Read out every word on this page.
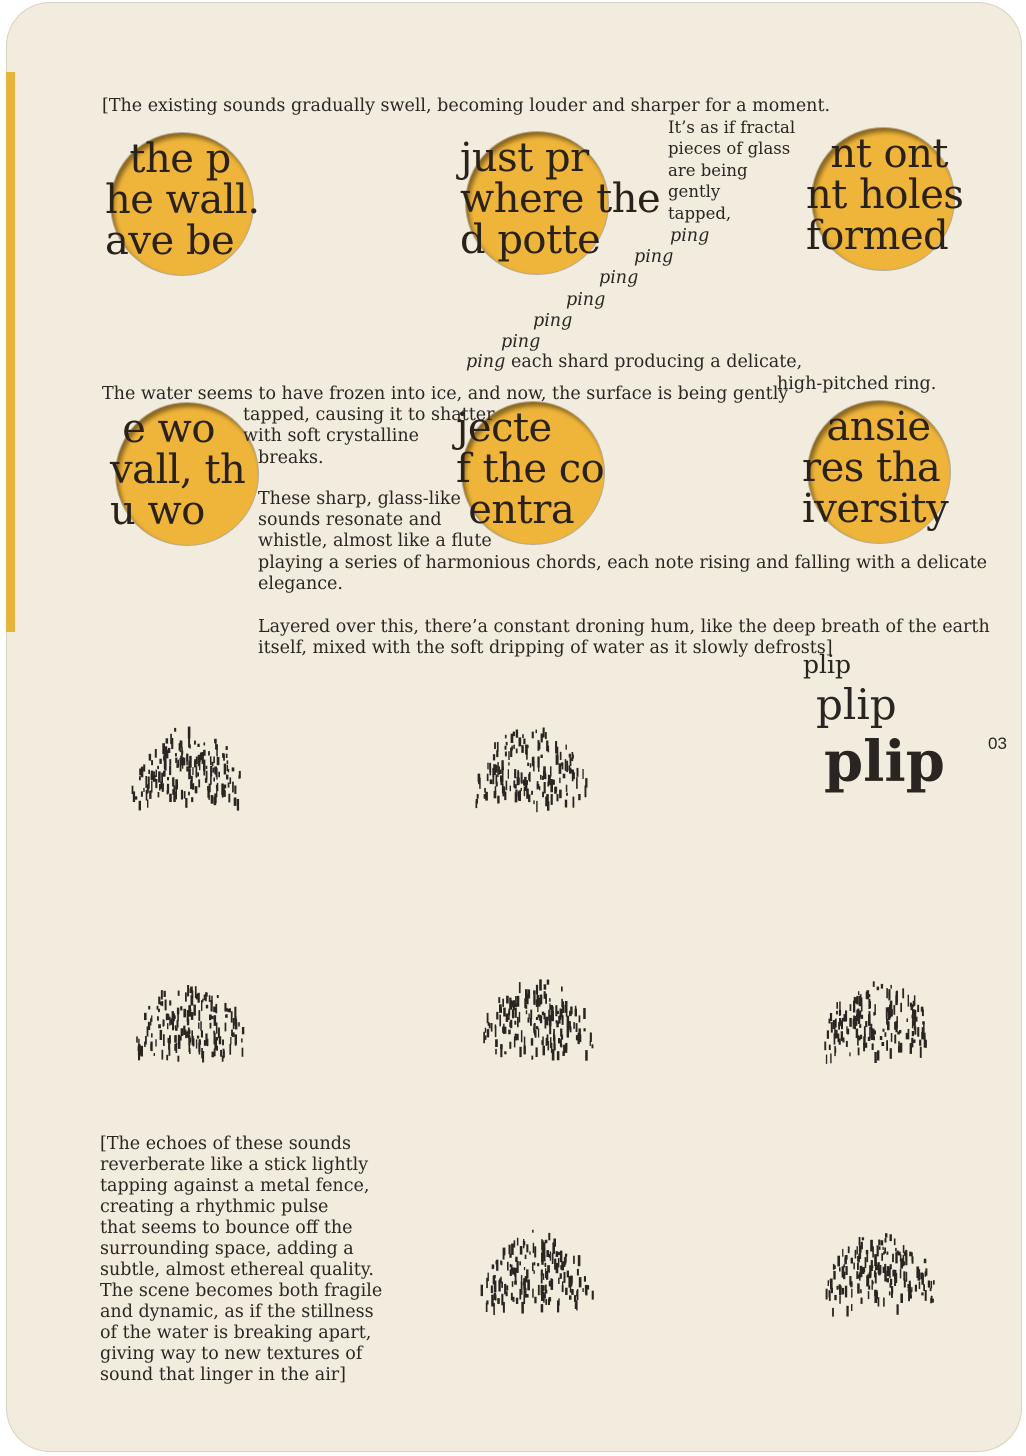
the p
he wall.
ave be
just pr
where the
d potte
nt ont
nt holes
formed
e wo
vall, th
u wo
jecte
f the co
entra
ansie
res tha
iversity
[The existing sounds gradually swell, becoming louder and sharper for a moment.
It’s as if fractal
pieces of glass
are being
gently
tapped,
ping
ping
ping
ping
ping
ping
ping each shard producing a delicate,
high-pitched ring.
The water seems to have frozen into ice, and now, the surface is being gently
tapped, causing it to shatter
with soft crystalline
breaks.
These sharp, glass-like
sounds resonate and
whistle, almost like a flute
playing a series of harmonious chords, each note rising and falling with a delicate
elegance.
Layered over this, there’a constant droning hum, like the deep breath of the earth
itself, mixed with the soft dripping of water as it slowly defrosts]
plip
plip
plip	03
[The echoes of these sounds
reverberate like a stick lightly
tapping against a metal fence,
creating a rhythmic pulse
that seems to bounce off the
surrounding space, adding a
subtle, almost ethereal quality.
The scene becomes both fragile
and dynamic, as if the stillness
of the water is breaking apart,
giving way to new textures of
sound that linger in the air]
